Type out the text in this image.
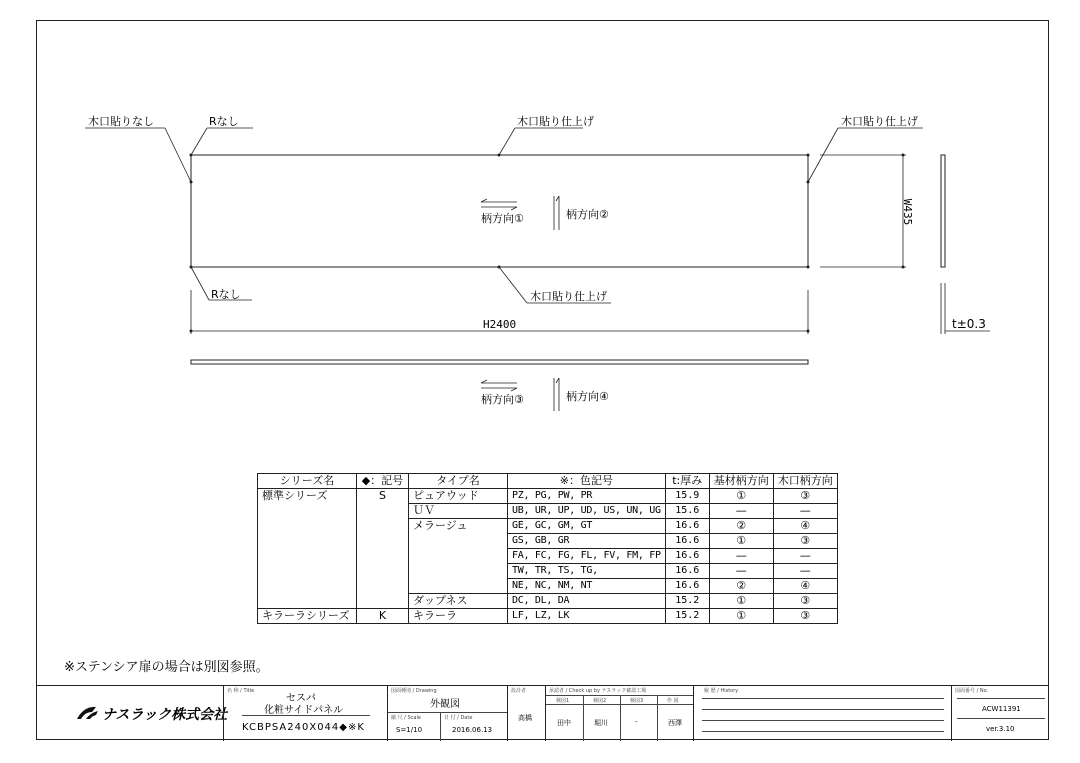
木口貼りなし	Rなし	木口貼り仕上げ	木口貼り仕上げ
Rなし	木口貼り仕上げ
柄方向①	柄方向②
柄方向③	柄方向④
H2400
W435
t±0.3
シリーズ名	◆：記号	タイプ名	※：色記号	t:厚み	基材柄方向	木口柄方向
標準シリーズ	S	ピュアウッド	PZ, PG, PW, PR	15.9	①	③
		ＵＶ	UB, UR, UP, UD, US, UN, UG	15.6	—	—
		メラージュ	GE, GC, GM, GT	16.6	②	④
			GS, GB, GR	16.6	①	③
			FA, FC, FG, FL, FV, FM, FP	16.6	—	—
			TW, TR, TS, TG,	16.6	—	—
			NE, NC, NM, NT	16.6	②	④
		ダップネス	DC, DL, DA	15.2	①	③
キラーラシリーズ	K	キラーラ	LF, LZ, LK	15.2	①	③
※ステンシア扉の場合は別図参照。
ナスラック株式会社
名 称 / Title
セスパ
化粧サイドパネル
KCBPSA240X044◆※K
図面種別 / Drawing
外観図
縮 尺 / Scale
S=1/10
日 付 / Date
2016.06.13
設計者
高橋
承認者 / Check up by ナスラック確認工場
検図1	検図2	検図3	作 図
田中	堀川	-	西澤
履 歴 / History	図面番号 / No.
ACW11391
ver.3.10
